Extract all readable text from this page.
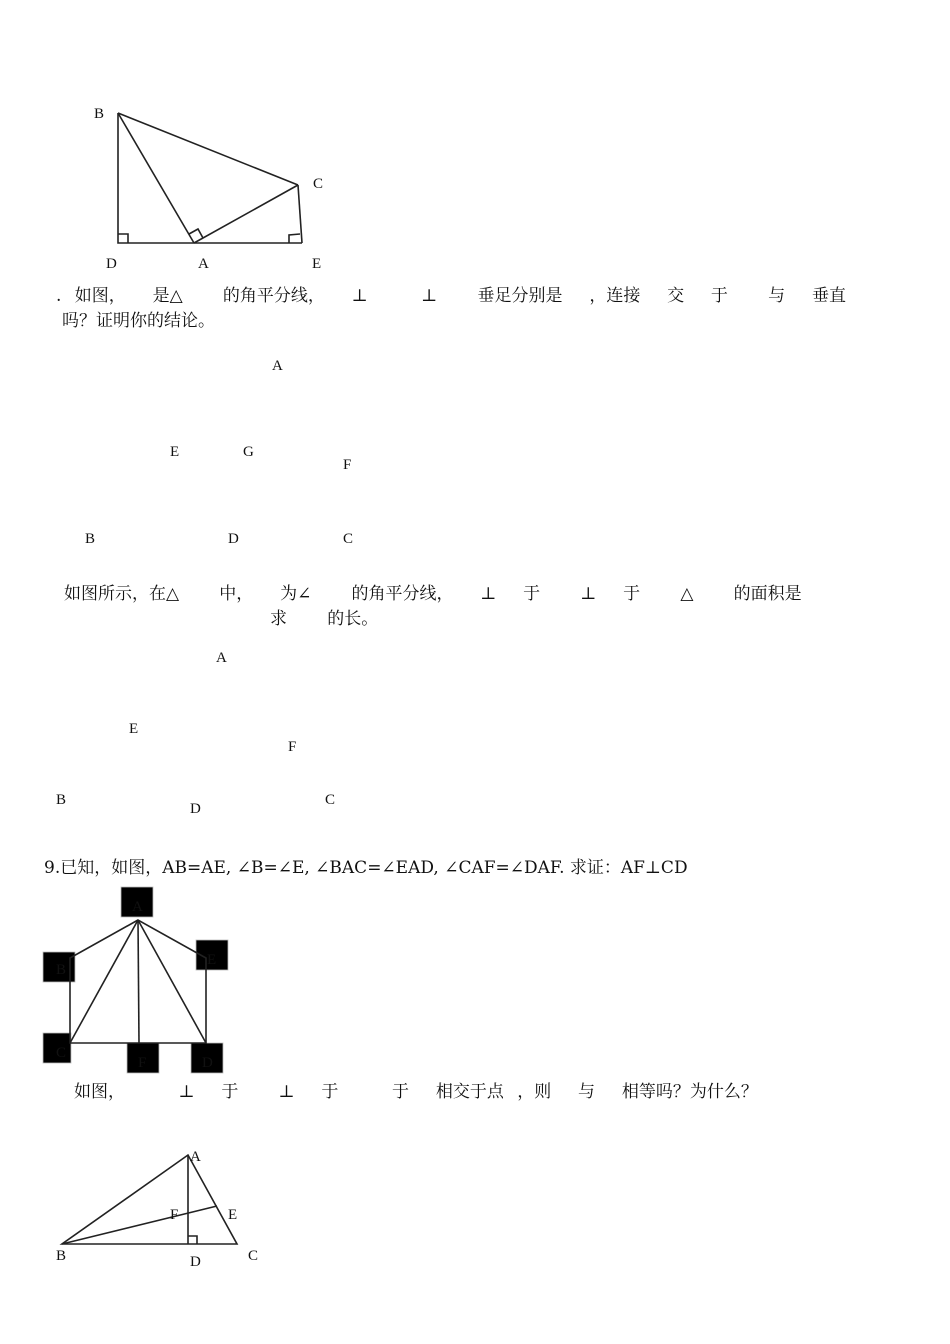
B
C
D	A	E
. 如图，  是△   的角平分线，  ⊥    ⊥   垂足分别是  ，连接  交  于   与  垂直
吗？证明你的结论。
A
E	G
F
B	D	C
如图所示，在△   中，  为∠   的角平分线，  ⊥  于   ⊥  于   △   的面积是
求   的长。
A
E
F
B
D
C
9.已知，如图，AB=AE, ∠B=∠E, ∠BAC=∠EAD, ∠CAF=∠DAF. 求证：AF⊥CD
A
B
E
C
F	D
如图，    ⊥  于   ⊥  于    于  相交于点 ，则  与  相等吗？为什么？
A
F	E
B	D	C
